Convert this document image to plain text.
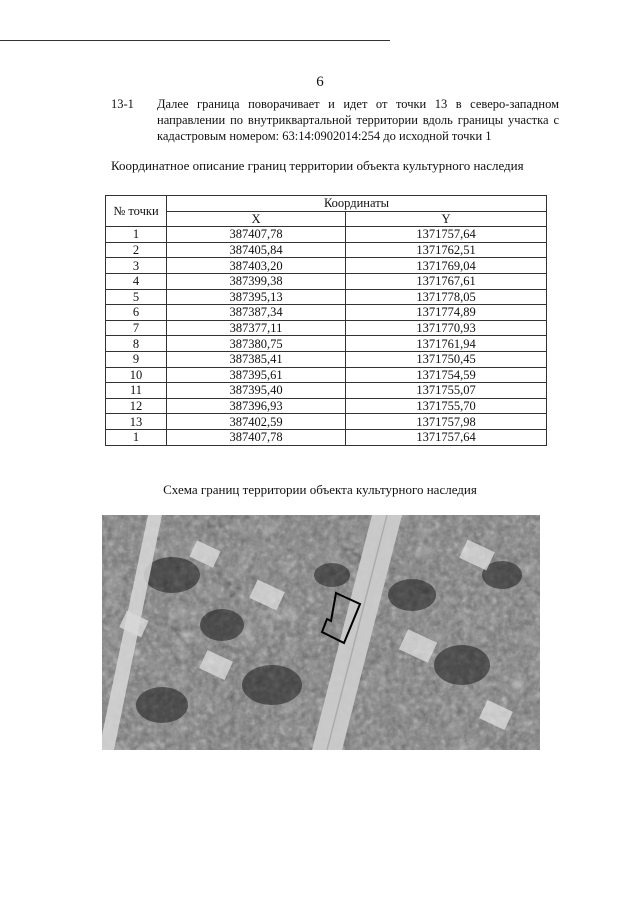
6
13-1 Далее граница поворачивает и идет от точки 13 в северо-западном направлении по внутриквартальной территории вдоль границы участка с кадастровым номером: 63:14:0902014:254 до исходной точки 1
Координатное описание границ территории объекта культурного наследия
№ точки	Координаты	
	X	Y
1	387407,78	1371757,64
2	387405,84	1371762,51
3	387403,20	1371769,04
4	387399,38	1371767,61
5	387395,13	1371778,05
6	387387,34	1371774,89
7	387377,11	1371770,93
8	387380,75	1371761,94
9	387385,41	1371750,45
10	387395,61	1371754,59
11	387395,40	1371755,07
12	387396,93	1371755,70
13	387402,59	1371757,98
1	387407,78	1371757,64
Схема границ территории объекта культурного наследия
